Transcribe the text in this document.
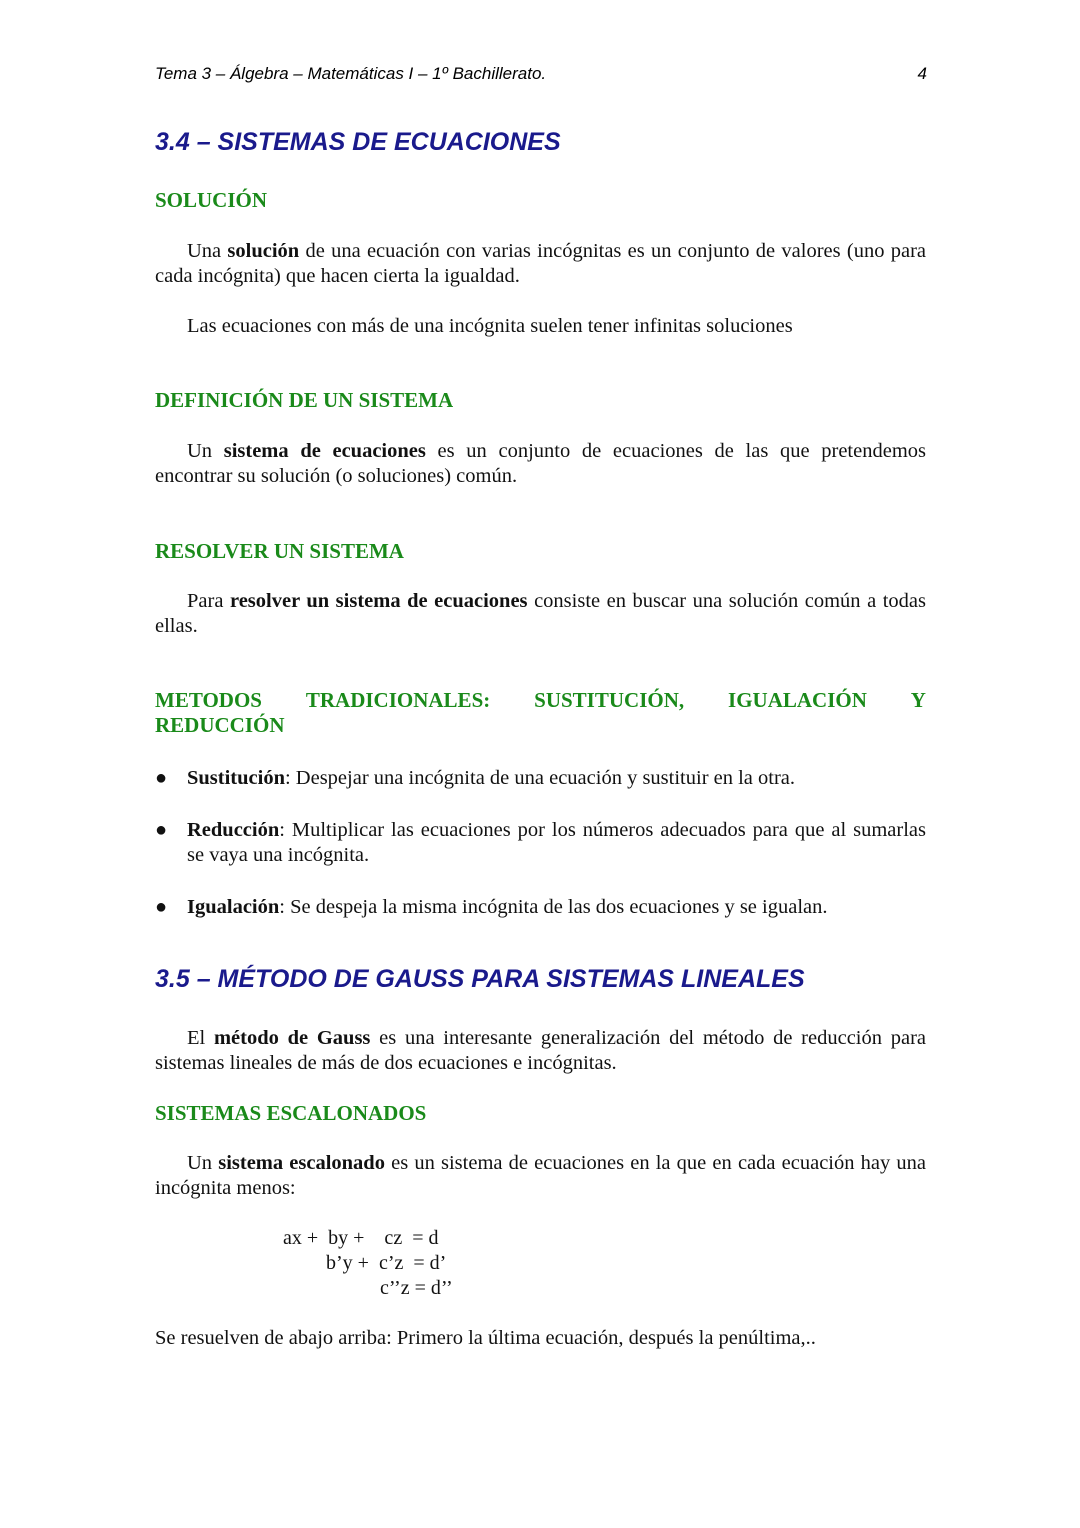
Tema 3 – Álgebra – Matemáticas I – 1º Bachillerato.	4
3.4 – SISTEMAS DE ECUACIONES
SOLUCIÓN

Una solución de una ecuación con varias incógnitas es un conjunto de valores (uno para cada incógnita) que hacen cierta la igualdad.

Las ecuaciones con más de una incógnita suelen tener infinitas soluciones

DEFINICIÓN DE UN SISTEMA

Un sistema de ecuaciones es un conjunto de ecuaciones de las que pretendemos encontrar su solución (o soluciones) común.

RESOLVER UN SISTEMA

Para resolver un sistema de ecuaciones consiste en buscar una solución común a todas ellas.

METODOS TRADICIONALES: SUSTITUCIÓN, IGUALACIÓN Y
REDUCCIÓN
● Sustitución: Despejar una incógnita de una ecuación y sustituir en la otra.
● Reducción: Multiplicar las ecuaciones por los números adecuados para que al sumarlas se vaya una incógnita.
● Igualación: Se despeja la misma incógnita de las dos ecuaciones y se igualan.
3.5 – MÉTODO DE GAUSS PARA SISTEMAS LINEALES

El método de Gauss es una interesante generalización del método de reducción para sistemas lineales de más de dos ecuaciones e incógnitas.

SISTEMAS ESCALONADOS

Un sistema escalonado es un sistema de ecuaciones en la que en cada ecuación hay una incógnita menos:

ax +  by +    cz  = d
b’y +  c’z  = d’
c’’z = d’’

Se resuelven de abajo arriba: Primero la última ecuación, después la penúltima,..
